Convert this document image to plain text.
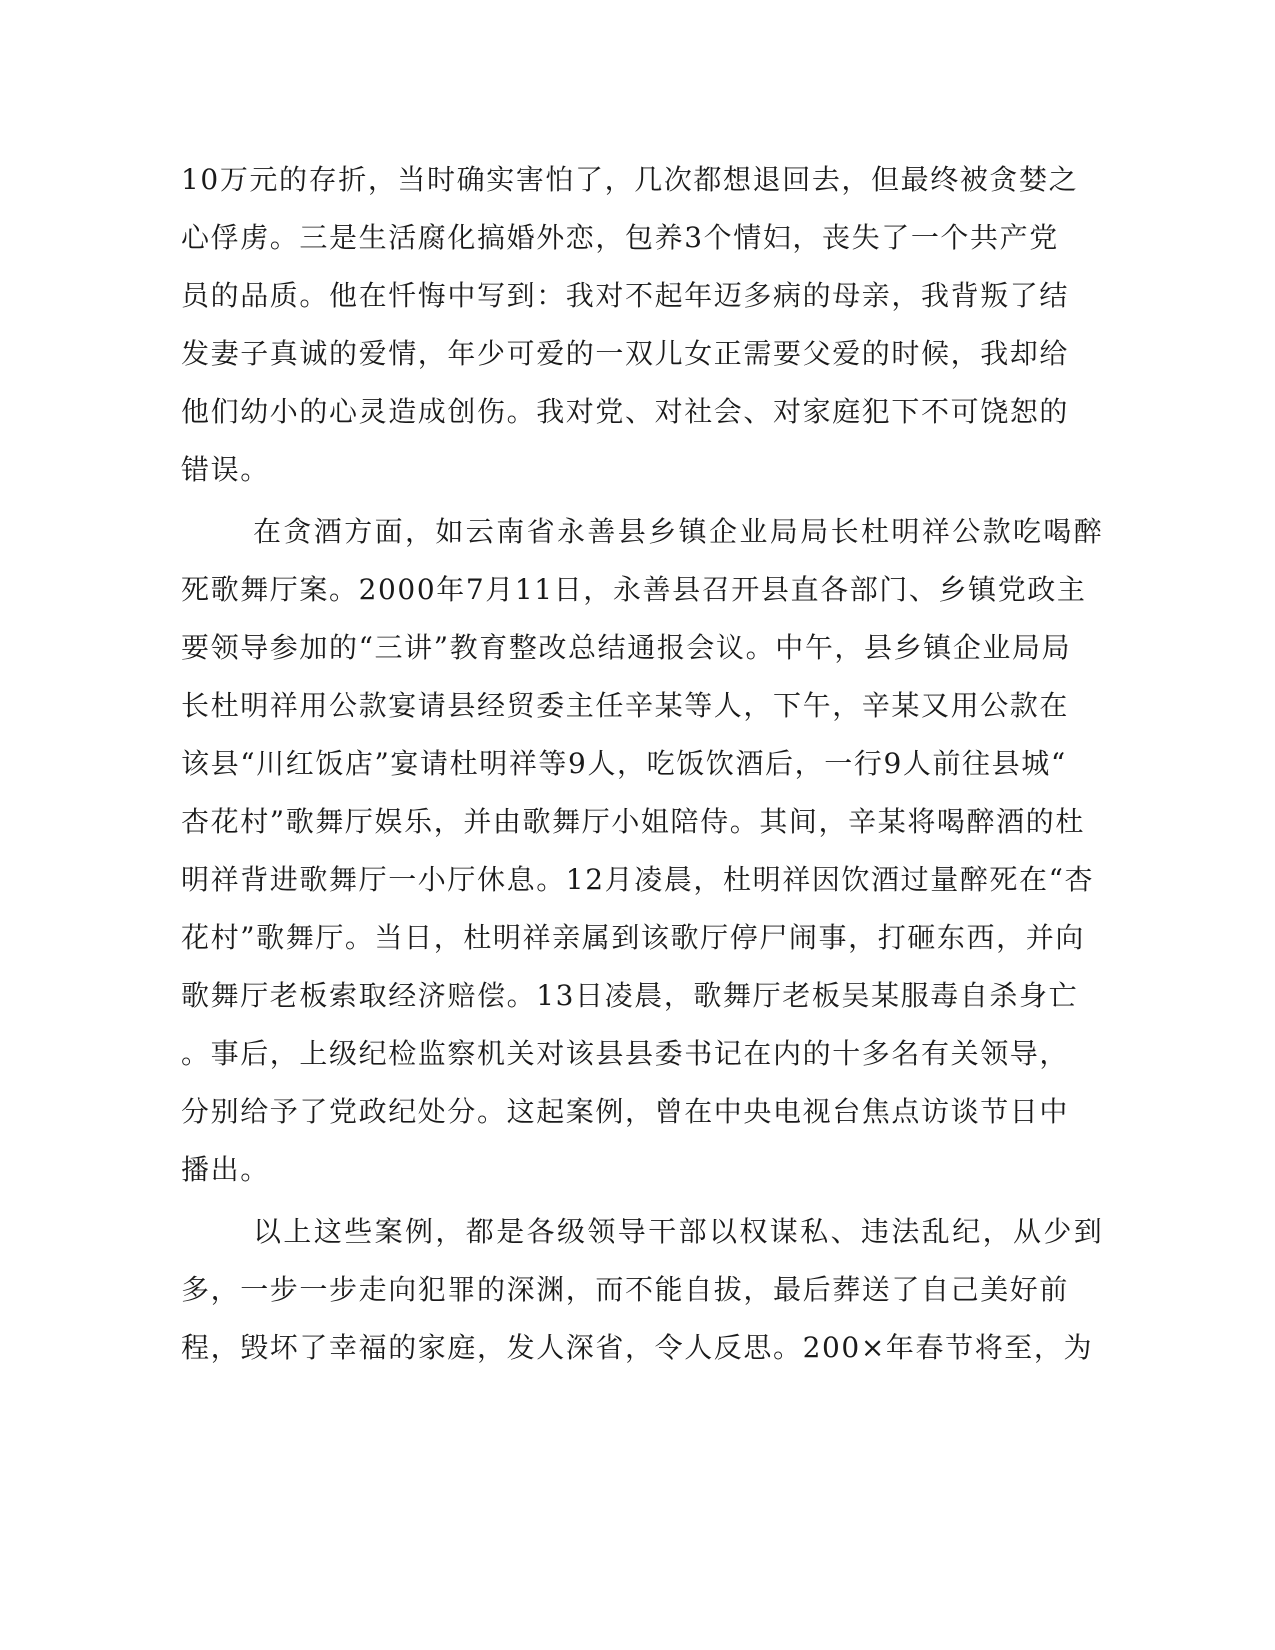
10万元的存折，当时确实害怕了，几次都想退回去，但最终被贪婪之
心俘虏。三是生活腐化搞婚外恋，包养3个情妇，丧失了一个共产党
员的品质。他在忏悔中写到：我对不起年迈多病的母亲，我背叛了结
发妻子真诚的爱情，年少可爱的一双儿女正需要父爱的时候，我却给
他们幼小的心灵造成创伤。我对党、对社会、对家庭犯下不可饶恕的
错误。
在贪酒方面，如云南省永善县乡镇企业局局长杜明祥公款吃喝醉
死歌舞厅案。2000年7月11日，永善县召开县直各部门、乡镇党政主
要领导参加的“三讲”教育整改总结通报会议。中午，县乡镇企业局局
长杜明祥用公款宴请县经贸委主任辛某等人，下午，辛某又用公款在
该县“川红饭店”宴请杜明祥等9人，吃饭饮酒后，一行9人前往县城“
杏花村”歌舞厅娱乐，并由歌舞厅小姐陪侍。其间，辛某将喝醉酒的杜
明祥背进歌舞厅一小厅休息。12月凌晨，杜明祥因饮酒过量醉死在“杏
花村”歌舞厅。当日，杜明祥亲属到该歌厅停尸闹事，打砸东西，并向
歌舞厅老板索取经济赔偿。13日凌晨，歌舞厅老板吴某服毒自杀身亡
。事后，上级纪检监察机关对该县县委书记在内的十多名有关领导，
分别给予了党政纪处分。这起案例，曾在中央电视台焦点访谈节日中
播出。
以上这些案例，都是各级领导干部以权谋私、违法乱纪，从少到
多，一步一步走向犯罪的深渊，而不能自拔，最后葬送了自己美好前
程，毁坏了幸福的家庭，发人深省，令人反思。200×年春节将至，为
